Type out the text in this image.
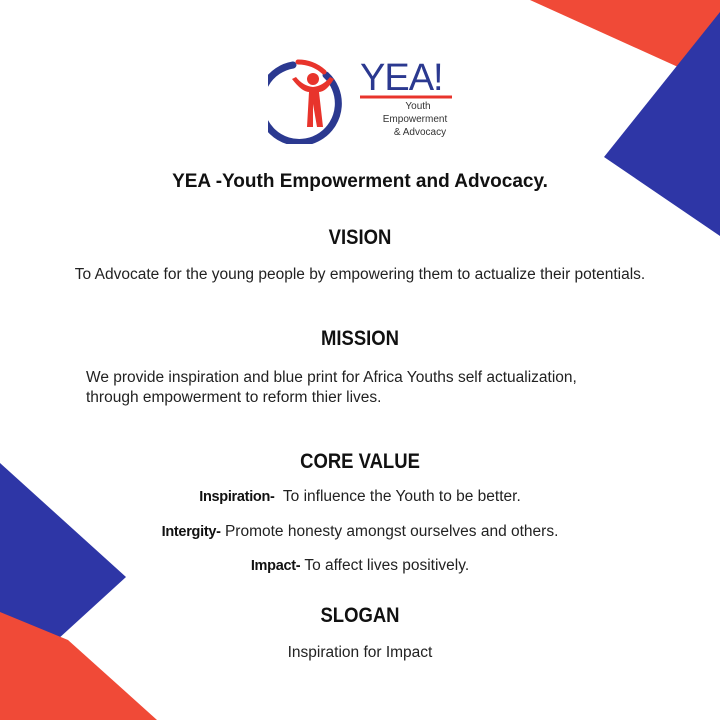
YEA!
Youth
Empowerment
& Advocacy
YEA -Youth Empowerment and Advocacy.
VISION
To Advocate for the young people by empowering them to actualize their potentials.
MISSION
We provide inspiration and blue print for Africa Youths self actualization,
through empowerment to reform thier lives.
CORE VALUE
Inspiration-  To influence the Youth to be better.
Intergity- Promote honesty amongst ourselves and others.
Impact- To affect lives positively.
SLOGAN
Inspiration for Impact
